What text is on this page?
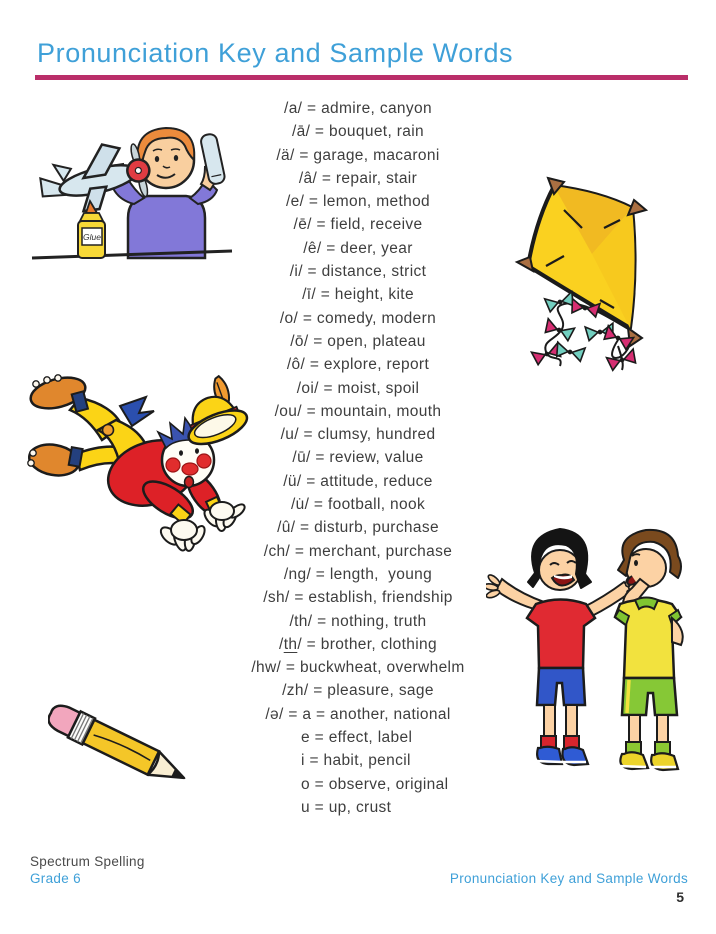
Pronunciation Key and Sample Words
/a/ = admire, canyon
/ā/ = bouquet, rain
/ä/ = garage, macaroni
/â/ = repair, stair
/e/ = lemon, method
/ē/ = field, receive
/ê/ = deer, year
/i/ = distance, strict
/ī/ = height, kite
/o/ = comedy, modern
/ō/ = open, plateau
/ô/ = explore, report
/oi/ = moist, spoil
/ou/ = mountain, mouth
/u/ = clumsy, hundred
/ū/ = review, value
/ü/ = attitude, reduce
/u̇/ = football, nook
/û/ = disturb, purchase
/ch/ = merchant, purchase
/ng/ = length,  young
/sh/ = establish, friendship
/th/ = nothing, truth
/th/ = brother, clothing
/hw/ = buckwheat, overwhelm
/zh/ = pleasure, sage
/ə/ = a = another, national
e = effect, label
i = habit, pencil
o = observe, original
u = up, crust
Glue
Spectrum Spelling
Grade 6	Pronunciation Key and Sample Words
5
